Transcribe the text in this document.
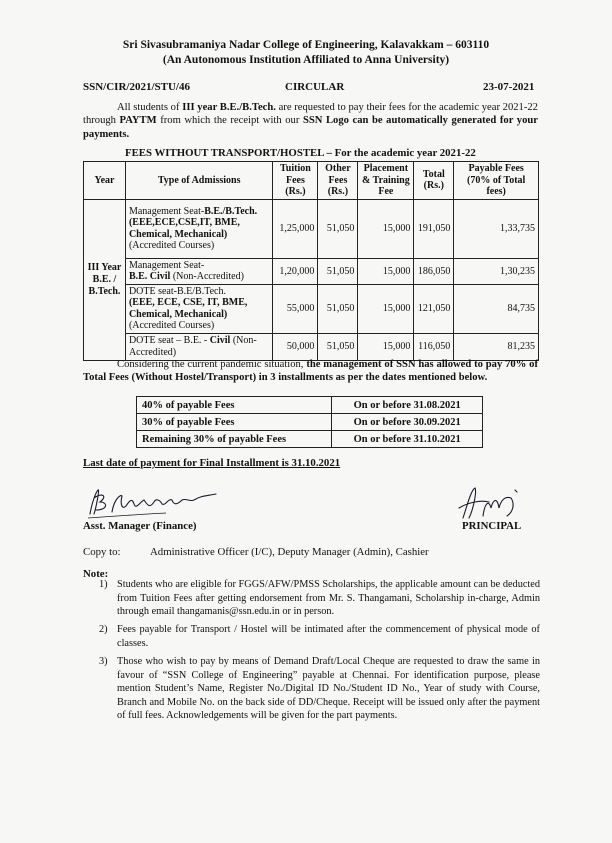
Sri Sivasubramaniya Nadar College of Engineering, Kalavakkam – 603110
(An Autonomous Institution Affiliated to Anna University)
SSN/CIR/2021/STU/46	CIRCULAR	23-07-2021
All students of III year B.E./B.Tech. are requested to pay their fees for the academic year 2021-22 through PAYTM from which the receipt with our SSN Logo can be automatically generated for your payments.
FEES WITHOUT TRANSPORT/HOSTEL – For the academic year 2021-22
Year	Type of Admissions	Tuition Fees (Rs.)	Other Fees (Rs.)	Placement & Training Fee	Total (Rs.)	Payable Fees (70% of Total fees)
III Year B.E. / B.Tech.	Management Seat-B.E./B.Tech.
(EEE,ECE,CSE,IT, BME,
Chemical, Mechanical)
(Accredited Courses)	1,25,000	51,050	15,000	191,050	1,33,735
	Management Seat-
B.E. Civil (Non-Accredited)	1,20,000	51,050	15,000	186,050	1,30,235
	DOTE seat-B.E/B.Tech.
(EEE, ECE, CSE, IT, BME,
Chemical, Mechanical)
(Accredited Courses)	55,000	51,050	15,000	121,050	84,735
	DOTE seat – B.E. - Civil (Non-Accredited)	50,000	51,050	15,000	116,050	81,235
Considering the current pandemic situation, the management of SSN has allowed to pay 70% of Total Fees (Without Hostel/Transport) in 3 installments as per the dates mentioned below.
40% of payable Fees	On or before 31.08.2021
30% of payable Fees	On or before 30.09.2021
Remaining 30% of payable Fees	On or before 31.10.2021
Last date of payment for Final Installment is 31.10.2021
Asst. Manager (Finance)	PRINCIPAL
Copy to:	Administrative Officer (I/C), Deputy Manager (Admin), Cashier
Note:
1) Students who are eligible for FGGS/AFW/PMSS Scholarships, the applicable amount can be deducted from Tuition Fees after getting endorsement from Mr. S. Thangamani, Scholarship in-charge, Admin through email thangamanis@ssn.edu.in or in person.
2) Fees payable for Transport / Hostel will be intimated after the commencement of physical mode of classes.
3) Those who wish to pay by means of Demand Draft/Local Cheque are requested to draw the same in favour of “SSN College of Engineering” payable at Chennai. For identification purpose, please mention Student’s Name, Register No./Digital ID No./Student ID No., Year of study with Course, Branch and Mobile No. on the back side of DD/Cheque. Receipt will be issued only after the payment of full fees. Acknowledgements will be given for the part payments.
